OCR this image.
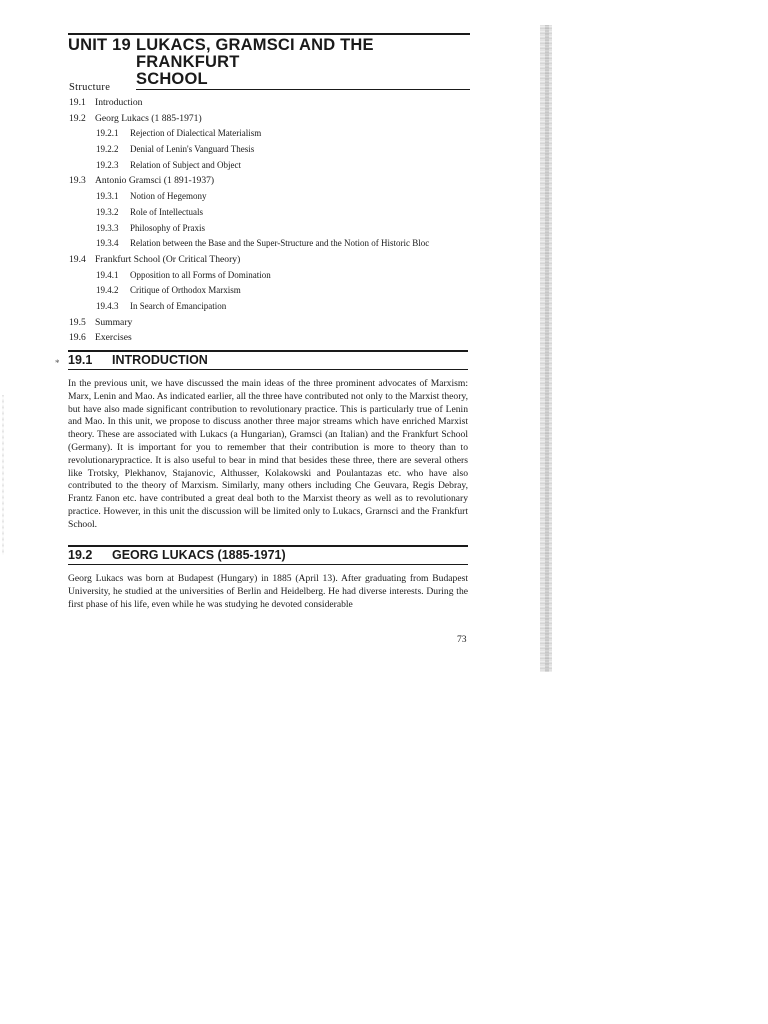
UNIT 19 LUKACS, GRAMSCI AND THE FRANKFURT
SCHOOL
Structure
19.1 Introduction
19.2 Georg Lukacs (1 885-1971)
19.2.1	Rejection of Dialectical Materialism
19.2.2	Denial of Lenin's Vanguard Thesis
19.2.3	Relation of Subject and Object
19.3 Antonio Gramsci (1 891-1937)
19.3.1	Notion of Hegemony
19.3.2	Role of Intellectuals
19.3.3	Philosophy of Praxis
19.3.4	Relation between the Base and the Super-Structure and the Notion of Historic Bloc
19.4 Frankfurt School (Or Critical Theory)
19.4.1	Opposition to all Forms of Domination
19.4.2	Critique of Orthodox Marxism
19.4.3	In Search of Emancipation
19.5 Summary
19.6 Exercises
* 19.1	INTRODUCTION
In the previous unit, we have discussed the main ideas of the three prominent advocates of Marxism: Marx, Lenin and Mao. As indicated earlier, all the three have contributed not only to the Marxist theory, but have also made significant contribution to revolutionary practice. This is particularly true of Lenin and Mao. In this unit, we propose to discuss another three major streams which have enriched Marxist theory. These are associated with Lukacs (a Hungarian), Gramsci (an Italian) and the Frankfurt School (Germany). It is important for you to remember that their contribution is more to theory than to revolutionarypractice. It is also useful to bear in mind that besides these three, there are several others like Trotsky, Plekhanov, Stajanovic, Althusser, Kolakowski and Poulantazas etc. who have also contributed to the theory of Marxism. Similarly, many others including Che Geuvara, Regis Debray, Frantz Fanon etc. have contributed a great deal both to the Marxist theory as well as to revolutionary practice. However, in this unit the discussion will be limited only to Lukacs, Grarnsci and the Frankfurt School.
19.2	GEORG LUKACS (1885-1971)
Georg Lukacs was born at Budapest (Hungary) in 1885 (April 13). After graduating from Budapest University, he studied at the universities of Berlin and Heidelberg. He had diverse interests. During the first phase of his life, even while he was studying he devoted considerable
73
